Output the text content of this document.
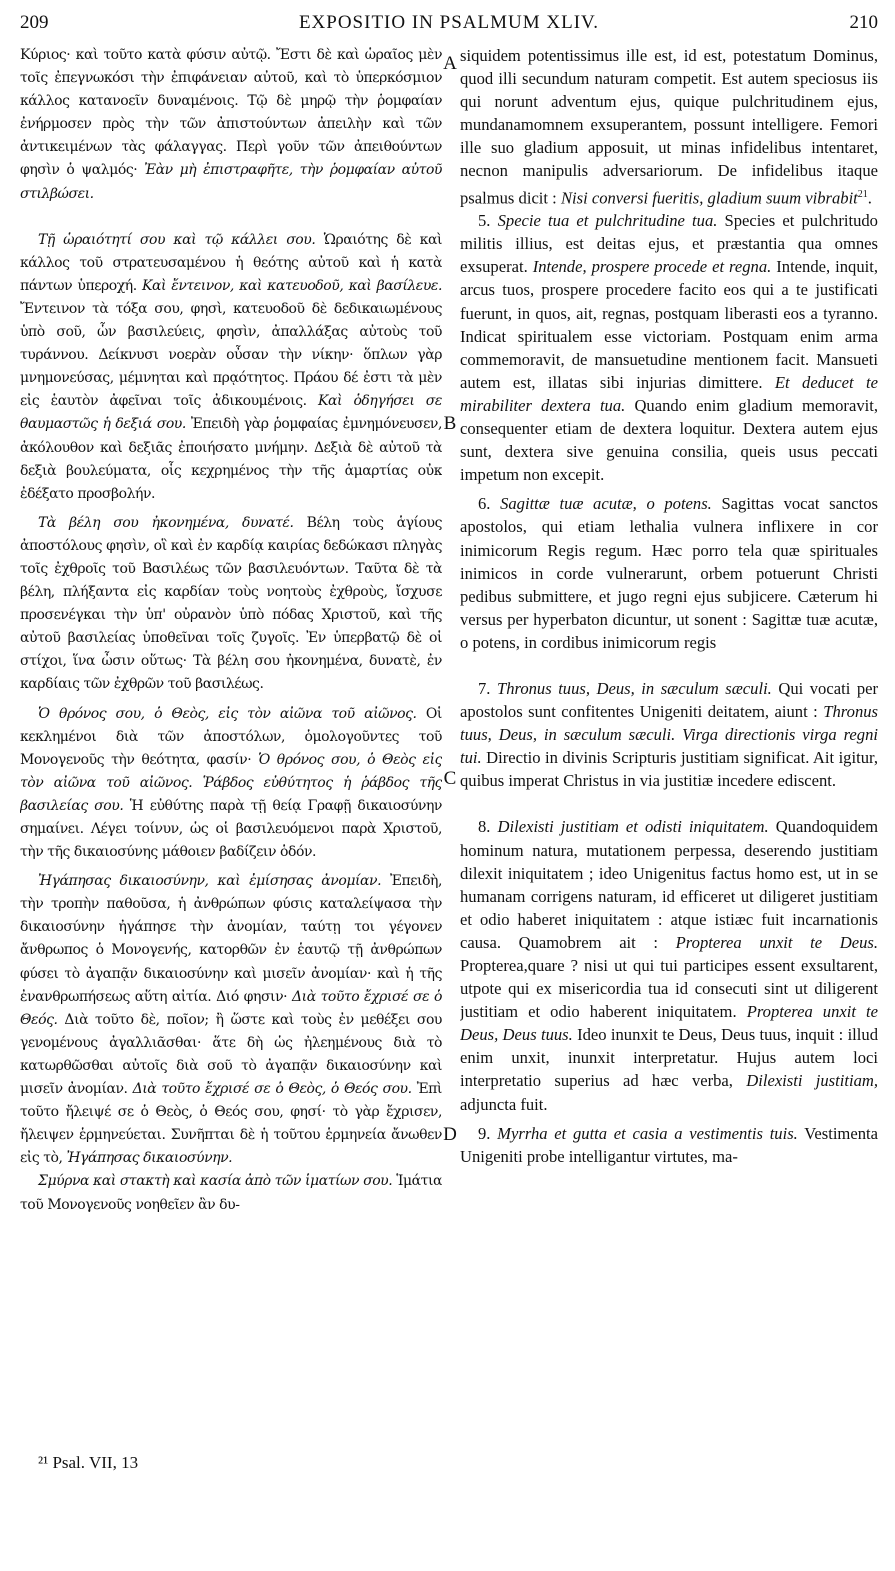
209	EXPOSITIO IN PSALMUM XLIV.	210
A
B
C
D

Κύριος· καὶ τοῦτο κατὰ φύσιν αὐτῷ. Ἔστι δὲ καὶ ὡραῖος μὲν τοῖς ἐπεγνωκόσι τὴν ἐπιφάνειαν αὐτοῦ, καὶ τὸ ὑπερκόσμιον κάλλος κατανοεῖν δυναμένοις. Τῷ δὲ μηρῷ τὴν ῥομφαίαν ἐνήρμοσεν πρὸς τὴν τῶν ἀπιστούντων ἀπειλὴν καὶ τῶν ἀντικειμένων τὰς φάλαγγας. Περὶ γοῦν τῶν ἀπειθούντων φησὶν ὁ ψαλμός· Ἐὰν μὴ ἐπιστραφῆτε, τὴν ῥομφαίαν αὐτοῦ στιλβώσει.

Τῇ ὡραιότητί σου καὶ τῷ κάλλει σου. Ὡραιότης δὲ καὶ κάλλος τοῦ στρατευσαμένου ἡ θεότης αὐτοῦ καὶ ἡ κατὰ πάντων ὑπεροχή. Καὶ ἔντεινον, καὶ κατευοδοῦ, καὶ βασίλευε. Ἔντεινον τὰ τόξα σου, φησὶ, κατευοδοῦ δὲ δεδικαιωμένους ὑπὸ σοῦ, ὧν βασιλεύεις, φησὶν, ἀπαλλάξας αὐτοὺς τοῦ τυράννου. Δείκνυσι νοερὰν οὖσαν τὴν νίκην· ὅπλων γὰρ μνημονεύσας, μέμνηται καὶ πρᾳότητος. Πράου δέ ἐστι τὰ μὲν εἰς ἑαυτὸν ἀφεῖναι τοῖς ἀδικουμένοις. Καὶ ὁδηγήσει σε θαυμαστῶς ἡ δεξιά σου. Ἐπειδὴ γὰρ ῥομφαίας ἐμνημόνευσεν, ἀκόλουθον καὶ δεξιᾶς ἐποιήσατο μνήμην. Δεξιὰ δὲ αὐτοῦ τὰ δεξιὰ βουλεύματα, οἷς κεχρημένος τὴν τῆς ἁμαρτίας οὐκ ἐδέξατο προσβολήν.

Τὰ βέλη σου ἠκονημένα, δυνατέ. Βέλη τοὺς ἁγίους ἀποστόλους φησὶν, οἳ καὶ ἐν καρδίᾳ καιρίας δεδώκασι πληγὰς τοῖς ἐχθροῖς τοῦ Βασιλέως τῶν βασιλευόντων. Ταῦτα δὲ τὰ βέλη, πλήξαντα εἰς καρδίαν τοὺς νοητοὺς ἐχθροὺς, ἴσχυσε προσενέγκαι τὴν ὑπ' οὐρανὸν ὑπὸ πόδας Χριστοῦ, καὶ τῆς αὐτοῦ βασιλείας ὑποθεῖναι τοῖς ζυγοῖς. Ἐν ὑπερβατῷ δὲ οἱ στίχοι, ἵνα ὦσιν οὕτως· Τὰ βέλη σου ἠκονημένα, δυνατὲ, ἐν καρδίαις τῶν ἐχθρῶν τοῦ βασιλέως.

Ὁ θρόνος σου, ὁ Θεὸς, εἰς τὸν αἰῶνα τοῦ αἰῶνος. Οἱ κεκλημένοι διὰ τῶν ἀποστόλων, ὁμολογοῦντες τοῦ Μονογενοῦς τὴν θεότητα, φασίν· Ὁ θρόνος σου, ὁ Θεὸς εἰς τὸν αἰῶνα τοῦ αἰῶνος. Ῥάβδος εὐθύτητος ἡ ῥάβδος τῆς βασιλείας σου. Ἡ εὐθύτης παρὰ τῇ θείᾳ Γραφῇ δικαιοσύνην σημαίνει. Λέγει τοίνυν, ὡς οἱ βασιλευόμενοι παρὰ Χριστοῦ, τὴν τῆς δικαιοσύνης μάθοιεν βαδίζειν ὁδόν.

Ἠγάπησας δικαιοσύνην, καὶ ἐμίσησας ἀνομίαν. Ἐπειδὴ, τὴν τροπὴν παθοῦσα, ἡ ἀνθρώπων φύσις καταλείψασα τὴν δικαιοσύνην ἠγάπησε τὴν ἀνομίαν, ταύτῃ τοι γέγονεν ἄνθρωπος ὁ Μονογενής, κατορθῶν ἐν ἑαυτῷ τῇ ἀνθρώπων φύσει τὸ ἀγαπᾷν δικαιοσύνην καὶ μισεῖν ἀνομίαν· καὶ ἡ τῆς ἐνανθρωπήσεως αὕτη αἰτία. Διό φησιν· Διὰ τοῦτο ἔχρισέ σε ὁ Θεός. Διὰ τοῦτο δὲ, ποῖον; ἢ ὥστε καὶ τοὺς ἐν μεθέξει σου γενομένους ἀγαλλιᾶσθαι· ἅτε δὴ ὡς ἠλεημένους διὰ τὸ κατωρθῶσθαι αὐτοῖς διὰ σοῦ τὸ ἀγαπᾷν δικαιοσύνην καὶ μισεῖν ἀνομίαν. Διὰ τοῦτο ἔχρισέ σε ὁ Θεὸς, ὁ Θεός σου. Ἐπὶ τοῦτο ἤλειψέ σε ὁ Θεὸς, ὁ Θεός σου, φησί· τὸ γὰρ ἔχρισεν, ἤλειψεν ἑρμηνεύεται. Συνῆπται δὲ ἡ τοῦτου ἑρμηνεία ἄνωθεν εἰς τὸ, Ἠγάπησας δικαιοσύνην.

Σμύρνα καὶ στακτὴ καὶ κασία ἀπὸ τῶν ἱματίων σου. Ἱμάτια τοῦ Μονογενοῦς νοηθεῖεν ἂν δυ-

siquidem potentissimus ille est, id est, potestatum Dominus, quod illi secundum naturam competit. Est autem speciosus iis qui norunt adventum ejus, quique pulchritudinem ejus, mundanamomnem exsuperantem, possunt intelligere. Femori ille suo gladium apposuit, ut minas infidelibus intentaret, necnon manipulis adversariorum. De infidelibus itaque psalmus dicit : Nisi conversi fueritis, gladium suum vibrabit$^{21}$.

5. Specie tua et pulchritudine tua. Species et pulchritudo militis illius, est deitas ejus, et præstantia qua omnes exsuperat. Intende, prospere procede et regna. Intende, inquit, arcus tuos, prospere procedere facito eos qui a te justificati fuerunt, in quos, ait, regnas, postquam liberasti eos a tyranno. Indicat spiritualem esse victoriam. Postquam enim arma commemoravit, de mansuetudine mentionem facit. Mansueti autem est, illatas sibi injurias dimittere. Et deducet te mirabiliter dextera tua. Quando enim gladium memoravit, consequenter etiam de dextera loquitur. Dextera autem ejus sunt, dextera sive genuina consilia, queis usus peccati impetum non excepit.

6. Sagittæ tuæ acutæ, o potens. Sagittas vocat sanctos apostolos, qui etiam lethalia vulnera inflixere in cor inimicorum Regis regum. Hæc porro tela quæ spirituales inimicos in corde vulnerarunt, orbem potuerunt Christi pedibus submittere, et jugo regni ejus subjicere. Cæterum hi versus per hyperbaton dicuntur, ut sonent : Sagittæ tuæ acutæ, o potens, in cordibus inimicorum regis

7. Thronus tuus, Deus, in sæculum sæculi. Qui vocati per apostolos sunt confitentes Unigeniti deitatem, aiunt : Thronus tuus, Deus, in sæculum sæculi. Virga directionis virga regni tui. Directio in divinis Scripturis justitiam significat. Ait igitur, quibus imperat Christus in via justitiæ incedere ediscent.

8. Dilexisti justitiam et odisti iniquitatem. Quandoquidem hominum natura, mutationem perpessa, deserendo justitiam dilexit iniquitatem ; ideo Unigenitus factus homo est, ut in se humanam corrigens naturam, id efficeret ut diligeret justitiam et odio haberet iniquitatem : atque istiæc fuit incarnationis causa. Quamobrem ait : Propterea unxit te Deus. Propterea,quare ? nisi ut qui tui participes essent exsultarent, utpote qui ex misericordia tua id consecuti sint ut diligerent justitiam et odio haberent iniquitatem. Propterea unxit te Deus, Deus tuus. Ideo inunxit te Deus, Deus tuus, inquit : illud enim unxit, inunxit interpretatur. Hujus autem loci interpretatio superius ad hæc verba, Dilexisti justitiam, adjuncta fuit.

9. Myrrha et gutta et casia a vestimentis tuis. Vestimenta Unigeniti probe intelligantur virtutes, ma-

²¹ Psal. VII, 13
